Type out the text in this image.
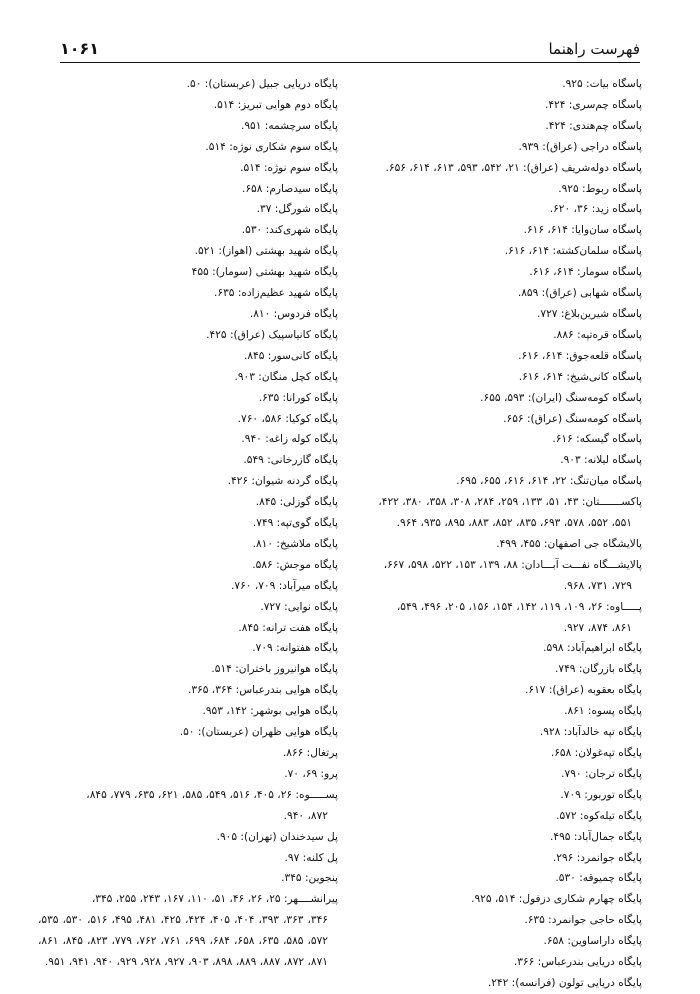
۱۰۶۱	فهرست راهنما
پاسگاه بیات: ۹۲۵.
پاسگاه چم‌سری: ۴۲۴.
پاسگاه چم‌هندی: ۴۲۴.
پاسگاه دراجی (عراق): ۹۳۹.
پاسگاه دوله‌شریف (عراق): ۲۱، ۵۴۲، ۵۹۳، ۶۱۳، ۶۱۴، ۶۵۶.
پاسگاه ربوط: ۹۲۵.
پاسگاه زید: ۳۶، ۶۲۰.
پاسگاه سان‌وایا: ۶۱۴، ۶۱۶.
پاسگاه سلمان‌کشته: ۶۱۴، ۶۱۶.
پاسگاه سومار: ۶۱۴، ۶۱۶.
پاسگاه شهابی (عراق): ۸۵۹.
پاسگاه شیرین‌بلاغ: ۷۲۷.
پاسگاه قره‌تپه: ۸۸۶.
پاسگاه قلعه‌جوق: ۶۱۴، ۶۱۶.
پاسگاه کانی‌شیخ: ۶۱۴، ۶۱۶.
پاسگاه کومه‌سنگ (ایران): ۵۹۳، ۶۵۵.
پاسگاه کومه‌سنگ (عراق): ۶۵۶.
پاسگاه گیسکه: ۶۱۶.
پاسگاه لیلانه: ۹۰۳.
پاسگاه میان‌تنگ: ۲۲، ۶۱۴، ۶۱۶، ۶۵۵، ۶۹۵.
پاکســـــــتان: ۴۳، ۵۱، ۱۳۳، ۲۵۹، ۲۸۴، ۳۰۸، ۳۵۸، ۳۸۰، ۴۲۲،
۵۵۱، ۵۵۲، ۵۷۸، ۶۹۳، ۸۳۵، ۸۵۲، ۸۸۳، ۸۹۵، ۹۳۵، ۹۶۴.
پالایشگاه جی اصفهان: ۴۵۵، ۴۹۹.
پالایشـــگاه نفـــت آبـــادان: ۸۸، ۱۳۹، ۱۵۳، ۵۲۲، ۵۹۸، ۶۶۷،
۷۲۹، ۷۳۱، ۹۶۸.
پـــــاوه: ۲۶، ۱۰۹، ۱۱۹، ۱۴۲، ۱۵۴، ۱۵۶، ۲۰۵، ۴۹۶، ۵۴۹،
۸۶۱، ۸۷۴، ۹۲۷.
پایگاه ابراهیم‌آباد: ۵۹۸.
پایگاه بازرگان: ۷۴۹.
پایگاه بعقوبه (عراق): ۶۱۷.
پایگاه پسوه: ۸۶۱.
پایگاه تپه خالدآباد: ۹۲۸.
پایگاه تپه‌غولان: ۶۵۸.
پایگاه ترجان: ۷۹۰.
پایگاه توربور: ۷۰۹.
پایگاه تیله‌کوه: ۵۷۲.
پایگاه جمال‌آباد: ۴۹۵.
پایگاه جوانمرد: ۲۹۶.
پایگاه چمیوقه: ۵۳۰.
پایگاه چهارم شکاری دزفول: ۵۱۴، ۹۲۵.
پایگاه حاجی جوانمرد: ۶۳۵.
پایگاه داراساوین: ۶۵۸.
پایگاه دریایی بندرعباس: ۳۶۶.
پایگاه دریایی تولون (فرانسه): ۲۴۲.
پایگاه دریایی جبیل (عربستان): ۵۰.
پایگاه دوم هوایی تبریز: ۵۱۴.
پایگاه سرچشمه: ۹۵۱.
پایگاه سوم شکاری نوژه: ۵۱۴.
پایگاه سوم نوژه: ۵۱۴.
پایگاه سیدصارم: ۶۵۸.
پایگاه شورگل: ۳۷.
پایگاه شهری‌کند: ۵۳۰.
پایگاه شهید بهشتی (اهواز): ۵۲۱.
پایگاه شهید بهشتی (سومار): ۴۵۵
پایگاه شهید عظیم‌زاده: ۶۳۵.
پایگاه فردوس: ۸۱۰.
پایگاه کانیاسپیک (عراق): ۴۲۵.
پایگاه کانی‌سور: ۸۴۵.
پایگاه کچل منگان: ۹۰۳.
پایگاه کورانا: ۶۳۵.
پایگاه کوکیا: ۵۸۶، ۷۶۰.
پایگاه کوله زاغه: ۹۴۰.
پایگاه گازرخانی: ۵۴۹.
پایگاه گردنه شیوان: ۴۲۶.
پایگاه گوزلی: ۸۴۵.
پایگاه گوی‌تپه: ۷۴۹.
پایگاه ملاشیخ: ۸۱۰.
پایگاه موجش: ۵۸۶.
پایگاه میرآباد: ۷۰۹، ۷۶۰.
پایگاه نوایی: ۷۲۷.
پایگاه هفت ترانه: ۸۴۵.
پایگاه هفتوانه: ۷۰۹.
پایگاه هوانیروز باختران: ۵۱۴.
پایگاه هوایی بندرعباس: ۳۶۴، ۳۶۵.
پایگاه هوایی بوشهر: ۱۴۲، ۹۵۳.
پایگاه هوایی ظهران (عربستان): ۵۰.
پرتغال: ۸۶۶.
پرو: ۶۹، ۷۰.
پســـــوه: ۲۶، ۴۰۵، ۵۱۶، ۵۴۹، ۵۸۵، ۶۲۱، ۶۳۵، ۷۷۹، ۸۴۵،
۸۷۲، ۹۴۰.
پل سیدخندان (تهران): ۹۰۵.
پل کلنه: ۹۷.
پنجوین: ۳۴۵.
پیرانشــــهر: ۲۵، ۲۶، ۴۶، ۵۱، ۱۱۰، ۱۶۷، ۲۴۳، ۲۵۵، ۳۴۵،
۳۴۶، ۳۶۳، ۳۹۳، ۴۰۴، ۴۰۵، ۴۲۴، ۴۲۵، ۴۸۱، ۴۹۵، ۵۱۶، ۵۳۰، ۵۳۵، ۵۷۲، ۵۸۵، ۶۳۵، ۶۵۸، ۶۸۴، ۶۹۹، ۷۶۱، ۷۶۲، ۷۷۹، ۸۲۳، ۸۴۵، ۸۶۱، ۸۷۱، ۸۷۲، ۸۸۷، ۸۸۹، ۸۹۸، ۹۰۳، ۹۲۷، ۹۲۸، ۹۲۹، ۹۴۰، ۹۴۱، ۹۵۱.
